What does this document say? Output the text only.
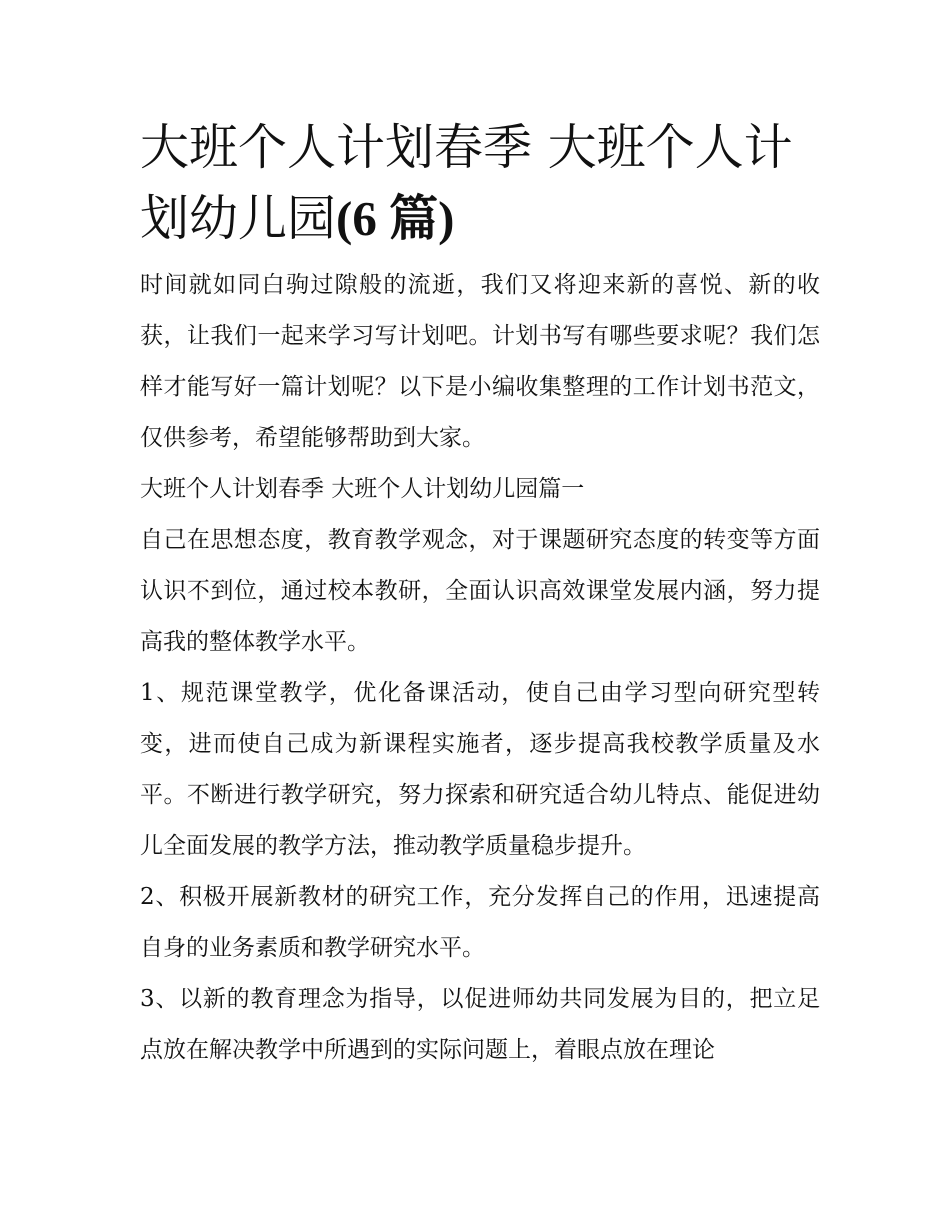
大班个人计划春季 大班个人计
划幼儿园(6 篇)

时间就如同白驹过隙般的流逝，我们又将迎来新的喜悦、新的收获，让我们一起来学习写计划吧。计划书写有哪些要求呢？我们怎样才能写好一篇计划呢？以下是小编收集整理的工作计划书范文，仅供参考，希望能够帮助到大家。

大班个人计划春季 大班个人计划幼儿园篇一

自己在思想态度，教育教学观念，对于课题研究态度的转变等方面认识不到位，通过校本教研，全面认识高效课堂发展内涵，努力提高我的整体教学水平。

1、规范课堂教学，优化备课活动，使自己由学习型向研究型转变，进而使自己成为新课程实施者，逐步提高我校教学质量及水平。不断进行教学研究，努力探索和研究适合幼儿特点、能促进幼儿全面发展的教学方法，推动教学质量稳步提升。

2、积极开展新教材的研究工作，充分发挥自己的作用，迅速提高自身的业务素质和教学研究水平。

3、以新的教育理念为指导，以促进师幼共同发展为目的，把立足点放在解决教学中所遇到的实际问题上，着眼点放在理论
